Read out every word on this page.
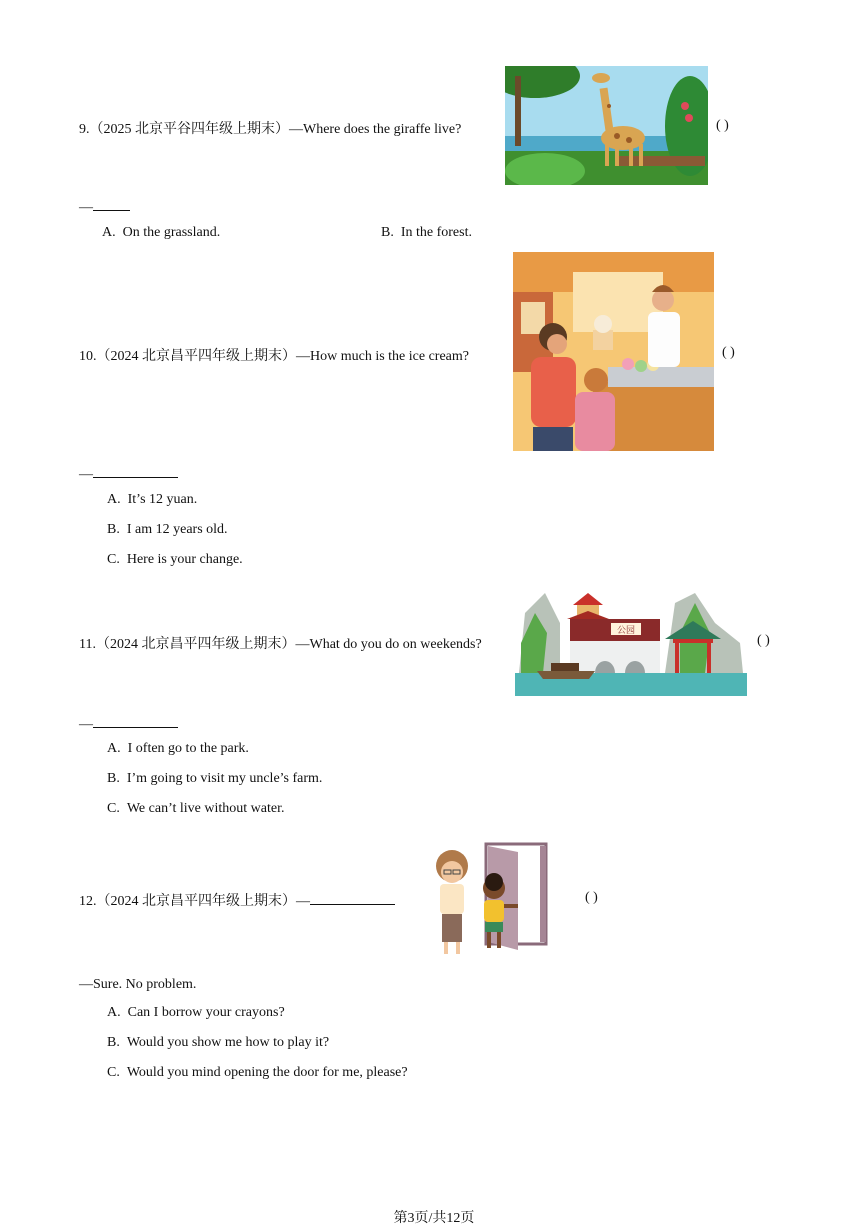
9.（2025 北京平谷四年级上期末）—Where does the giraffe live?	( )
—
A. On the grassland.	B. In the forest.
10.（2024 北京昌平四年级上期末）—How much is the ice cream?	( )
—
A. It’s 12 yuan.
B. I am 12 years old.
C. Here is your change.
11.（2024 北京昌平四年级上期末）—What do you do on weekends?
公园
( )
—
A. I often go to the park.
B. I’m going to visit my uncle’s farm.
C. We can’t live without water.
12.（2024 北京昌平四年级上期末）—	( )
—Sure. No problem.
A. Can I borrow your crayons?
B. Would you show me how to play it?
C. Would you mind opening the door for me, please?
第3页/共12页
